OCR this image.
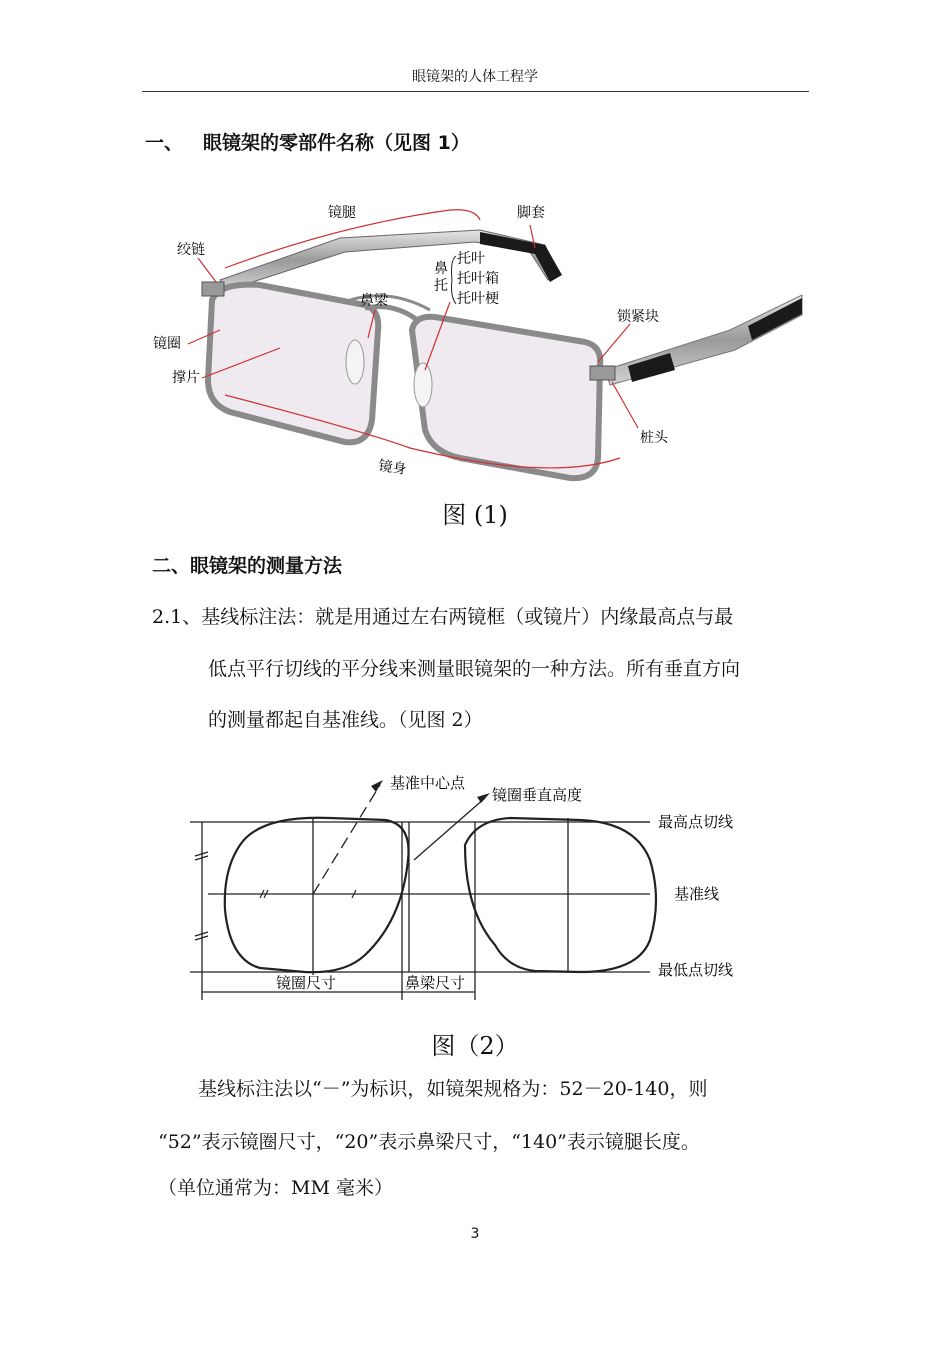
眼镜架的人体工程学
一、 眼镜架的零部件名称（见图 1）
镜腿	脚套
绞链
鼻
托
托叶
托叶箱
托叶梗
鼻梁
锁紧块
镜圈
撑片
桩头
镜身
图 (1)
二、眼镜架的测量方法
2.1、基线标注法：就是用通过左右两镜框（或镜片）内缘最高点与最
低点平行切线的平分线来测量眼镜架的一种方法。所有垂直方向
的测量都起自基准线。（见图 2）
基准中心点
镜圈垂直高度
最高点切线
基准线
最低点切线
镜圈尺寸	鼻梁尺寸
图（2）
基线标注法以“－”为标识，如镜架规格为：52－20-140，则
“52”表示镜圈尺寸，“20”表示鼻梁尺寸，“140”表示镜腿长度。
（单位通常为：MM 毫米）
3
